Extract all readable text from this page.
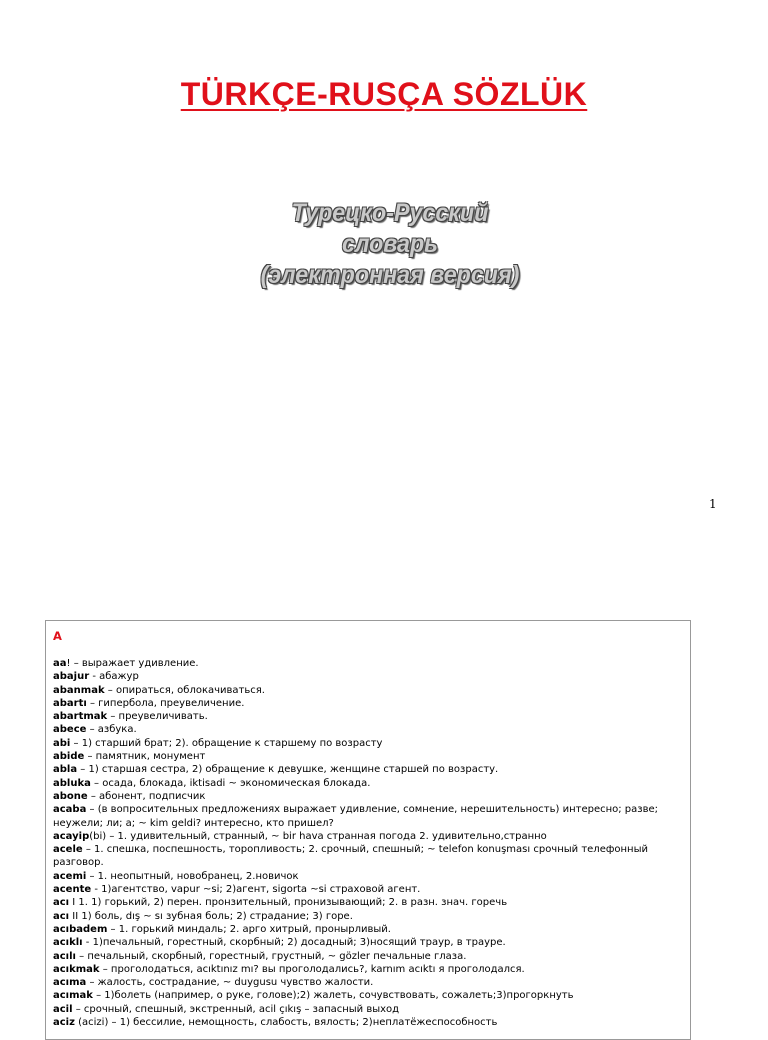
TÜRKÇE-RUSÇA SÖZLÜK
Турецко-Русский
словарь
(электронная версия)
1
A
aa! – выражает удивление.
abajur - абажур
abanmak – опираться, облокачиваться.
abartı – гипербола, преувеличение.
abartmak – преувеличивать.
abece – азбука.
abi – 1) старший брат; 2). обращение к старшему по возрасту
abide – памятник, монумент
abla – 1) старшая сестра, 2) обращение к девушке, женщине старшей по возрасту.
abluka – осада, блокада, iktisadi ~ экономическая блокада.
abone – абонент, подписчик
acaba – (в вопросительных предложениях выражает удивление, сомнение, нерешительность) интересно; разве; неужели; ли; а; ~ kim geldi? интересно, кто пришел?
acayip(bi) – 1. удивительный, странный, ~ bir hava странная погода 2. удивительно,странно
acele – 1. спешка, поспешность, торопливость; 2. срочный, спешный; ~ telefon konuşması срочный телефонный разговор.
acemi – 1. неопытный, новобранец, 2.новичок
acente - 1)агентство, vapur ~si; 2)агент, sigorta ~si страховой агент.
acı I 1. 1) горький, 2) перен. пронзительный, пронизывающий; 2. в разн. знач. горечь
acı II 1) боль, dış ~ sı зубная боль; 2) страдание; 3) горе.
acıbadem – 1. горький миндаль; 2. арго хитрый, пронырливый.
acıklı - 1)печальный, горестный, скорбный; 2) досадный; 3)носящий траур, в трауре.
acılı – печальный, скорбный, горестный, грустный, ~ gözler печальные глаза.
acıkmak – проголодаться, acıktınız mı? вы проголодались?, karnım acıktı я проголодался.
acıma – жалость, сострадание, ~ duygusu чувство жалости.
acımak – 1)болеть (например, о руке, голове);2) жалеть, сочувствовать, сожалеть;3)прогоркнуть
acil – срочный, спешный, экстренный, acil çıkış – запасный выход
aciz (acizi) – 1) бессилие, немощность, слабость, вялость; 2)неплатёжеспособность
